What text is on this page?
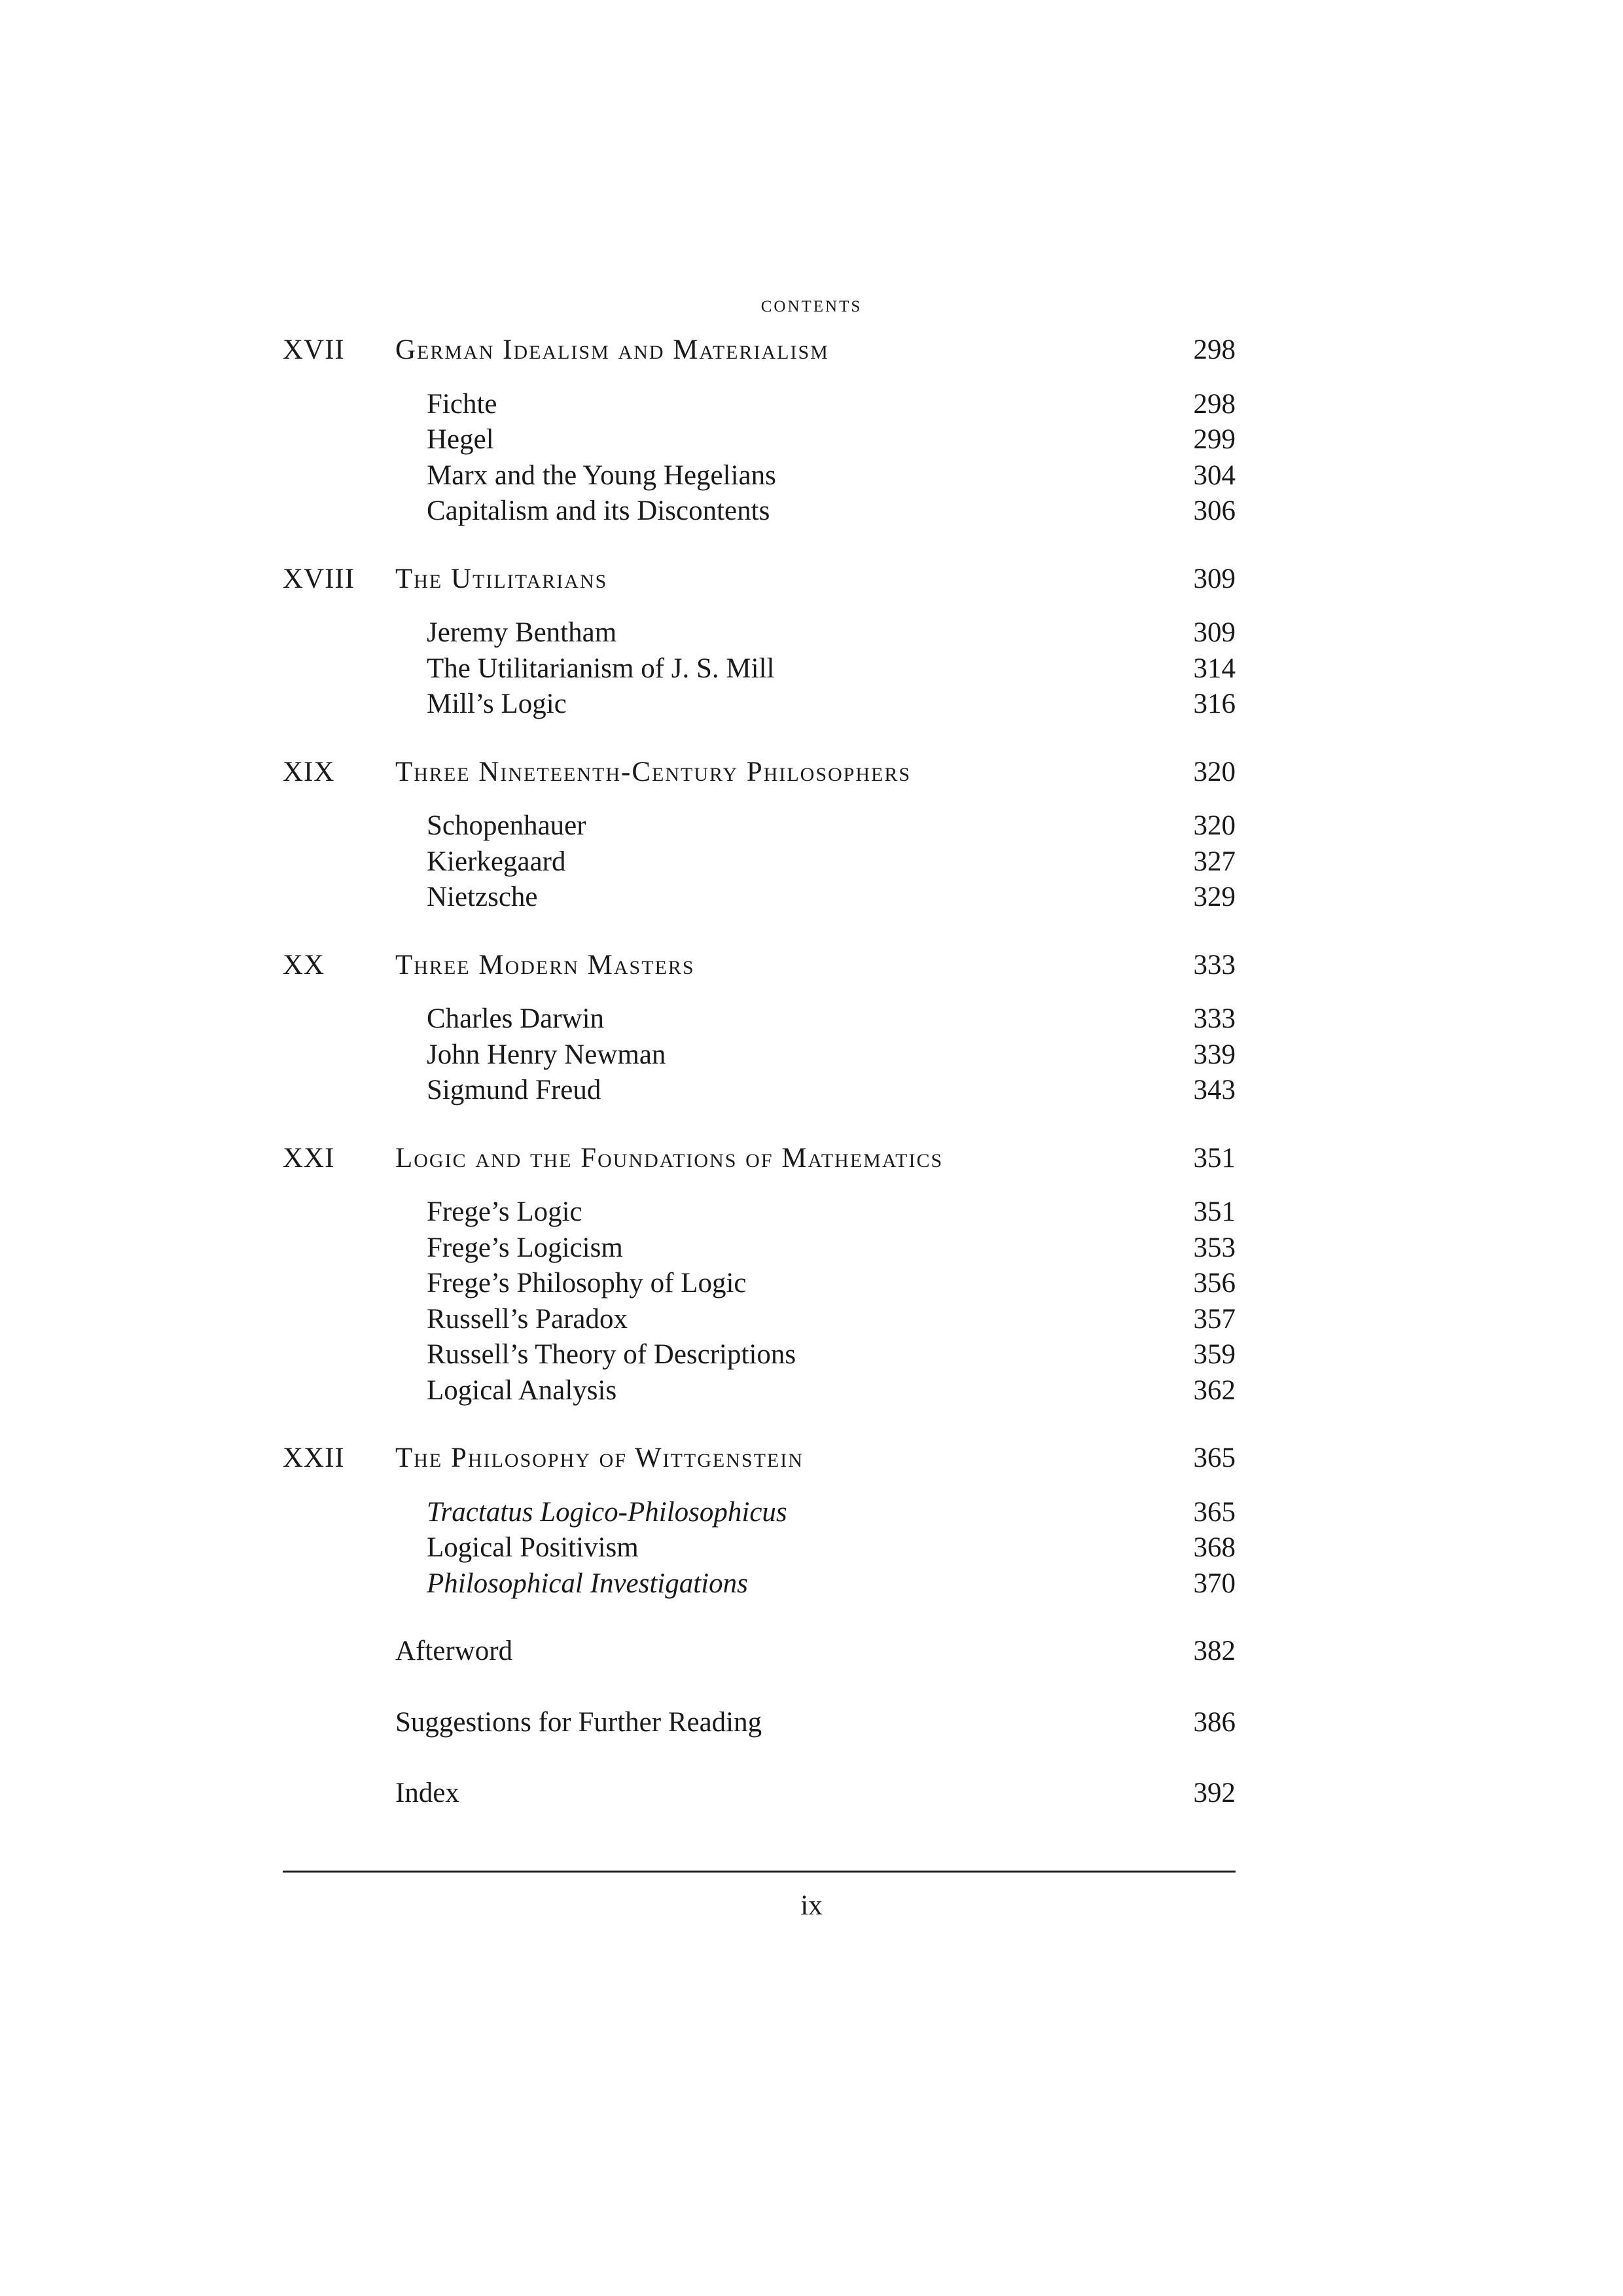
contents
XVII	German Idealism and Materialism	298
Fichte	298
Hegel	299
Marx and the Young Hegelians	304
Capitalism and its Discontents	306
XVIII	The Utilitarians	309
Jeremy Bentham	309
The Utilitarianism of J. S. Mill	314
Mill’s Logic	316
XIX	Three Nineteenth-Century Philosophers	320
Schopenhauer	320
Kierkegaard	327
Nietzsche	329
XX	Three Modern Masters	333
Charles Darwin	333
John Henry Newman	339
Sigmund Freud	343
XXI	Logic and the Foundations of Mathematics	351
Frege’s Logic	351
Frege’s Logicism	353
Frege’s Philosophy of Logic	356
Russell’s Paradox	357
Russell’s Theory of Descriptions	359
Logical Analysis	362
XXII	The Philosophy of Wittgenstein	365
Tractatus Logico-Philosophicus	365
Logical Positivism	368
Philosophical Investigations	370
Afterword	382
Suggestions for Further Reading	386
Index	392
ix
